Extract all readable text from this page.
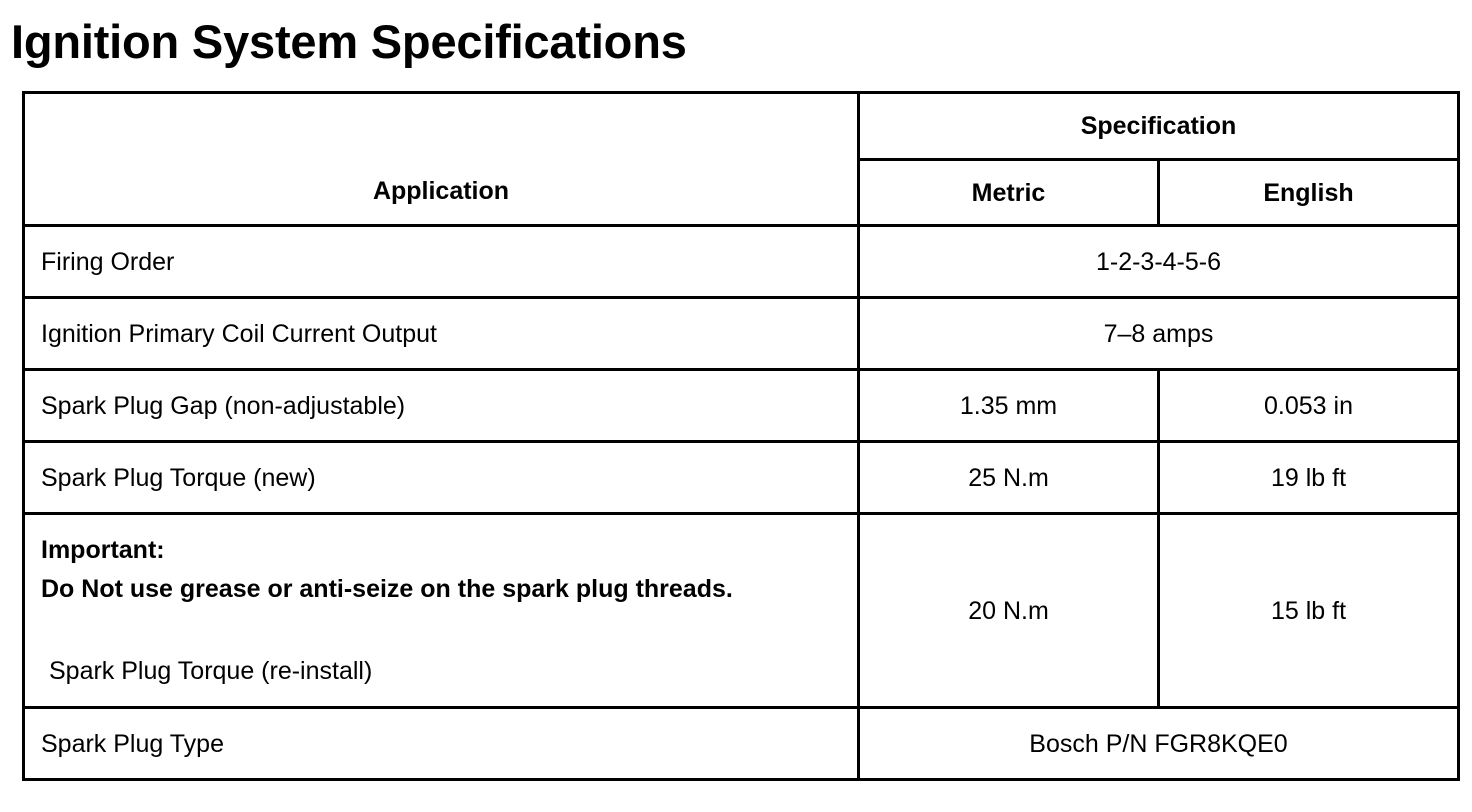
Ignition System Specifications
Application	Specification	
	Metric	English
Firing Order	1-2-3-4-5-6	
Ignition Primary Coil Current Output	7–8 amps	
Spark Plug Gap (non-adjustable)	1.35 mm	0.053 in
Spark Plug Torque (new)	25 N.m	19 lb ft

Important:
Do Not use grease or anti-seize on the spark plug threads.
Spark Plug Torque (re-install)	20 N.m	15 lb ft
Spark Plug Type	Bosch P/N FGR8KQE0	
